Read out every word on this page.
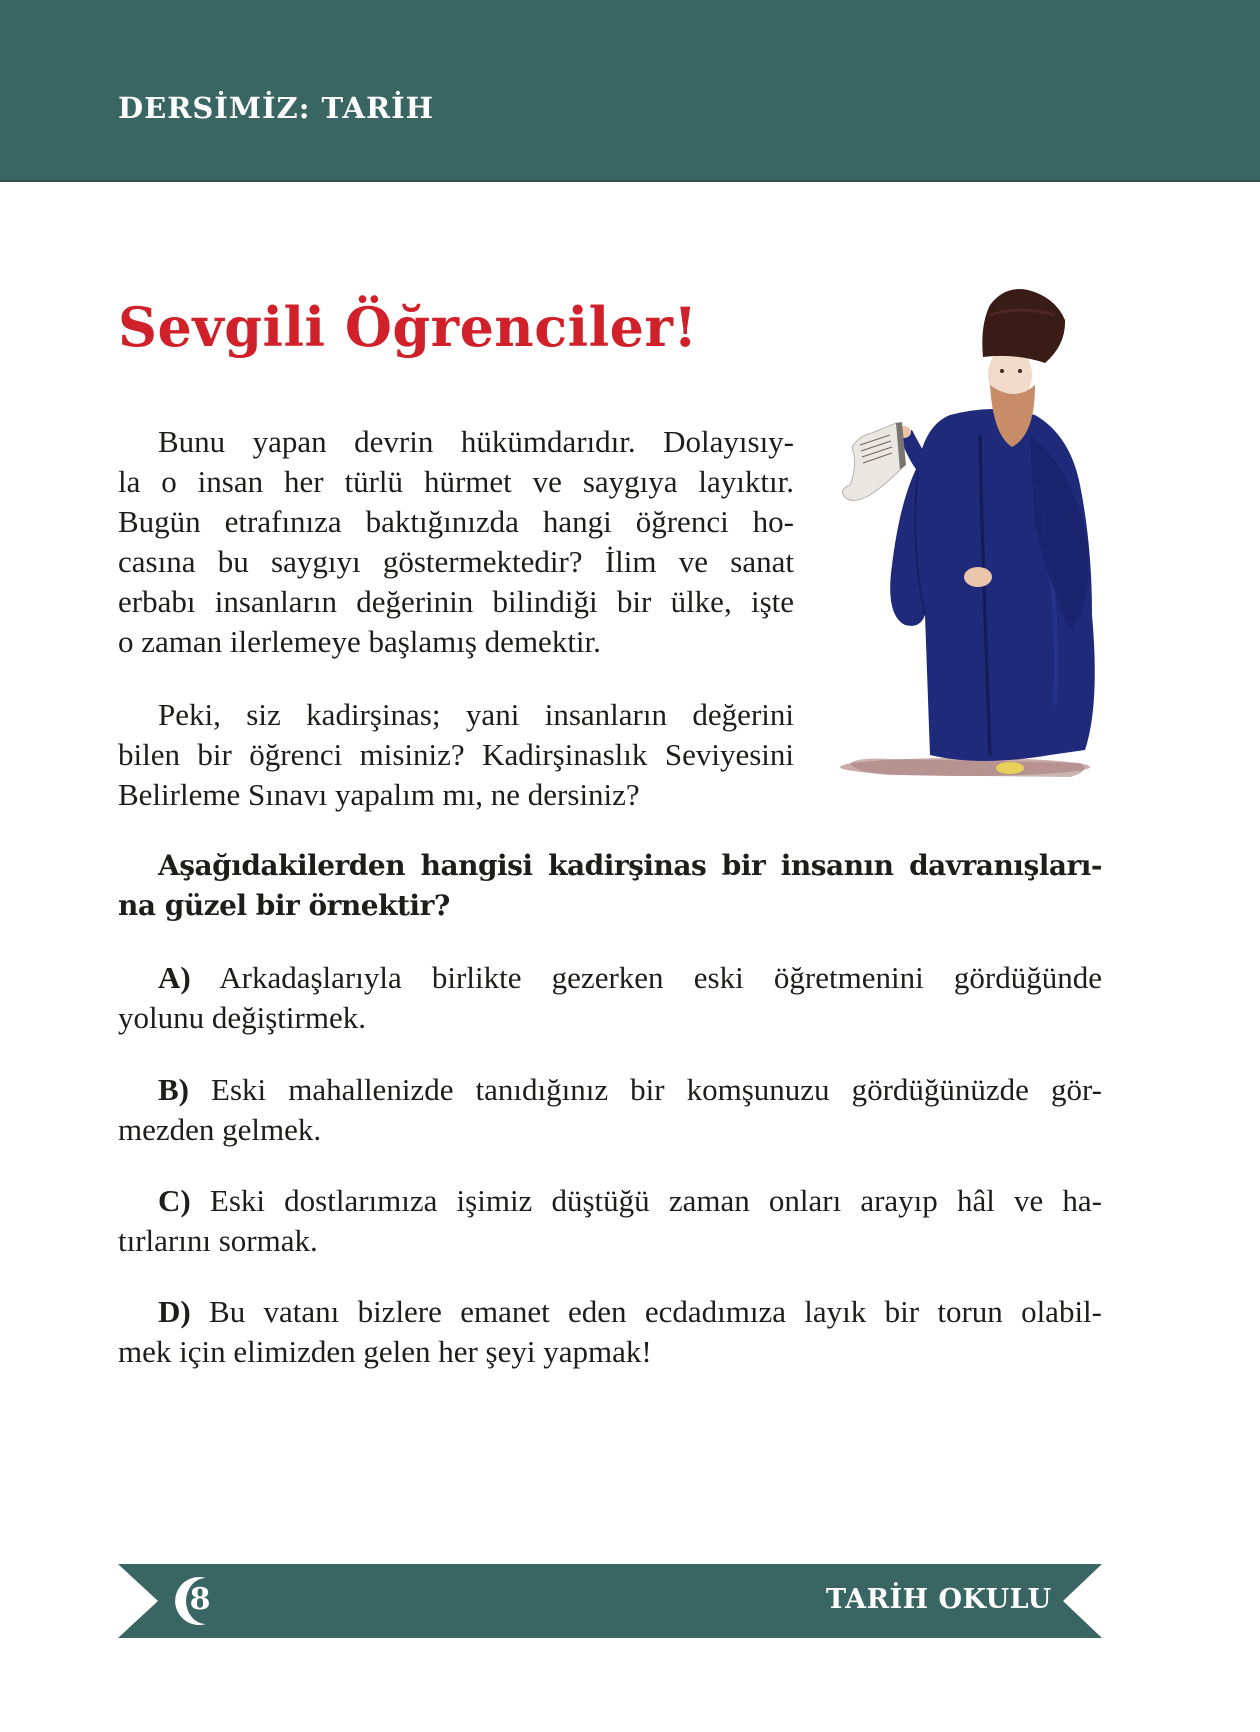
DERSİMİZ: TARİH
Sevgili Öğrenciler!
Bunu yapan devrin hükümdarıdır. Dolayısıy-
la o insan her türlü hürmet ve saygıya layıktır.
Bugün etrafınıza baktığınızda hangi öğrenci ho-
casına bu saygıyı göstermektedir? İlim ve sanat
erbabı insanların değerinin bilindiği bir ülke, işte
o zaman ilerlemeye başlamış demektir.
Peki, siz kadirşinas; yani insanların değerini
bilen bir öğrenci misiniz? Kadirşinaslık Seviyesini
Belirleme Sınavı yapalım mı, ne dersiniz?
Aşağıdakilerden hangisi kadirşinas bir insanın davranışları-
na güzel bir örnektir?
A) Arkadaşlarıyla birlikte gezerken eski öğretmenini gördüğünde
yolunu değiştirmek.
B) Eski mahallenizde tanıdığınız bir komşunuzu gördüğünüzde gör-
mezden gelmek.
C) Eski dostlarımıza işimiz düştüğü zaman onları arayıp hâl ve ha-
tırlarını sormak.
D) Bu vatanı bizlere emanet eden ecdadımıza layık bir torun olabil-
mek için elimizden gelen her şeyi yapmak!
8	TARİH OKULU
